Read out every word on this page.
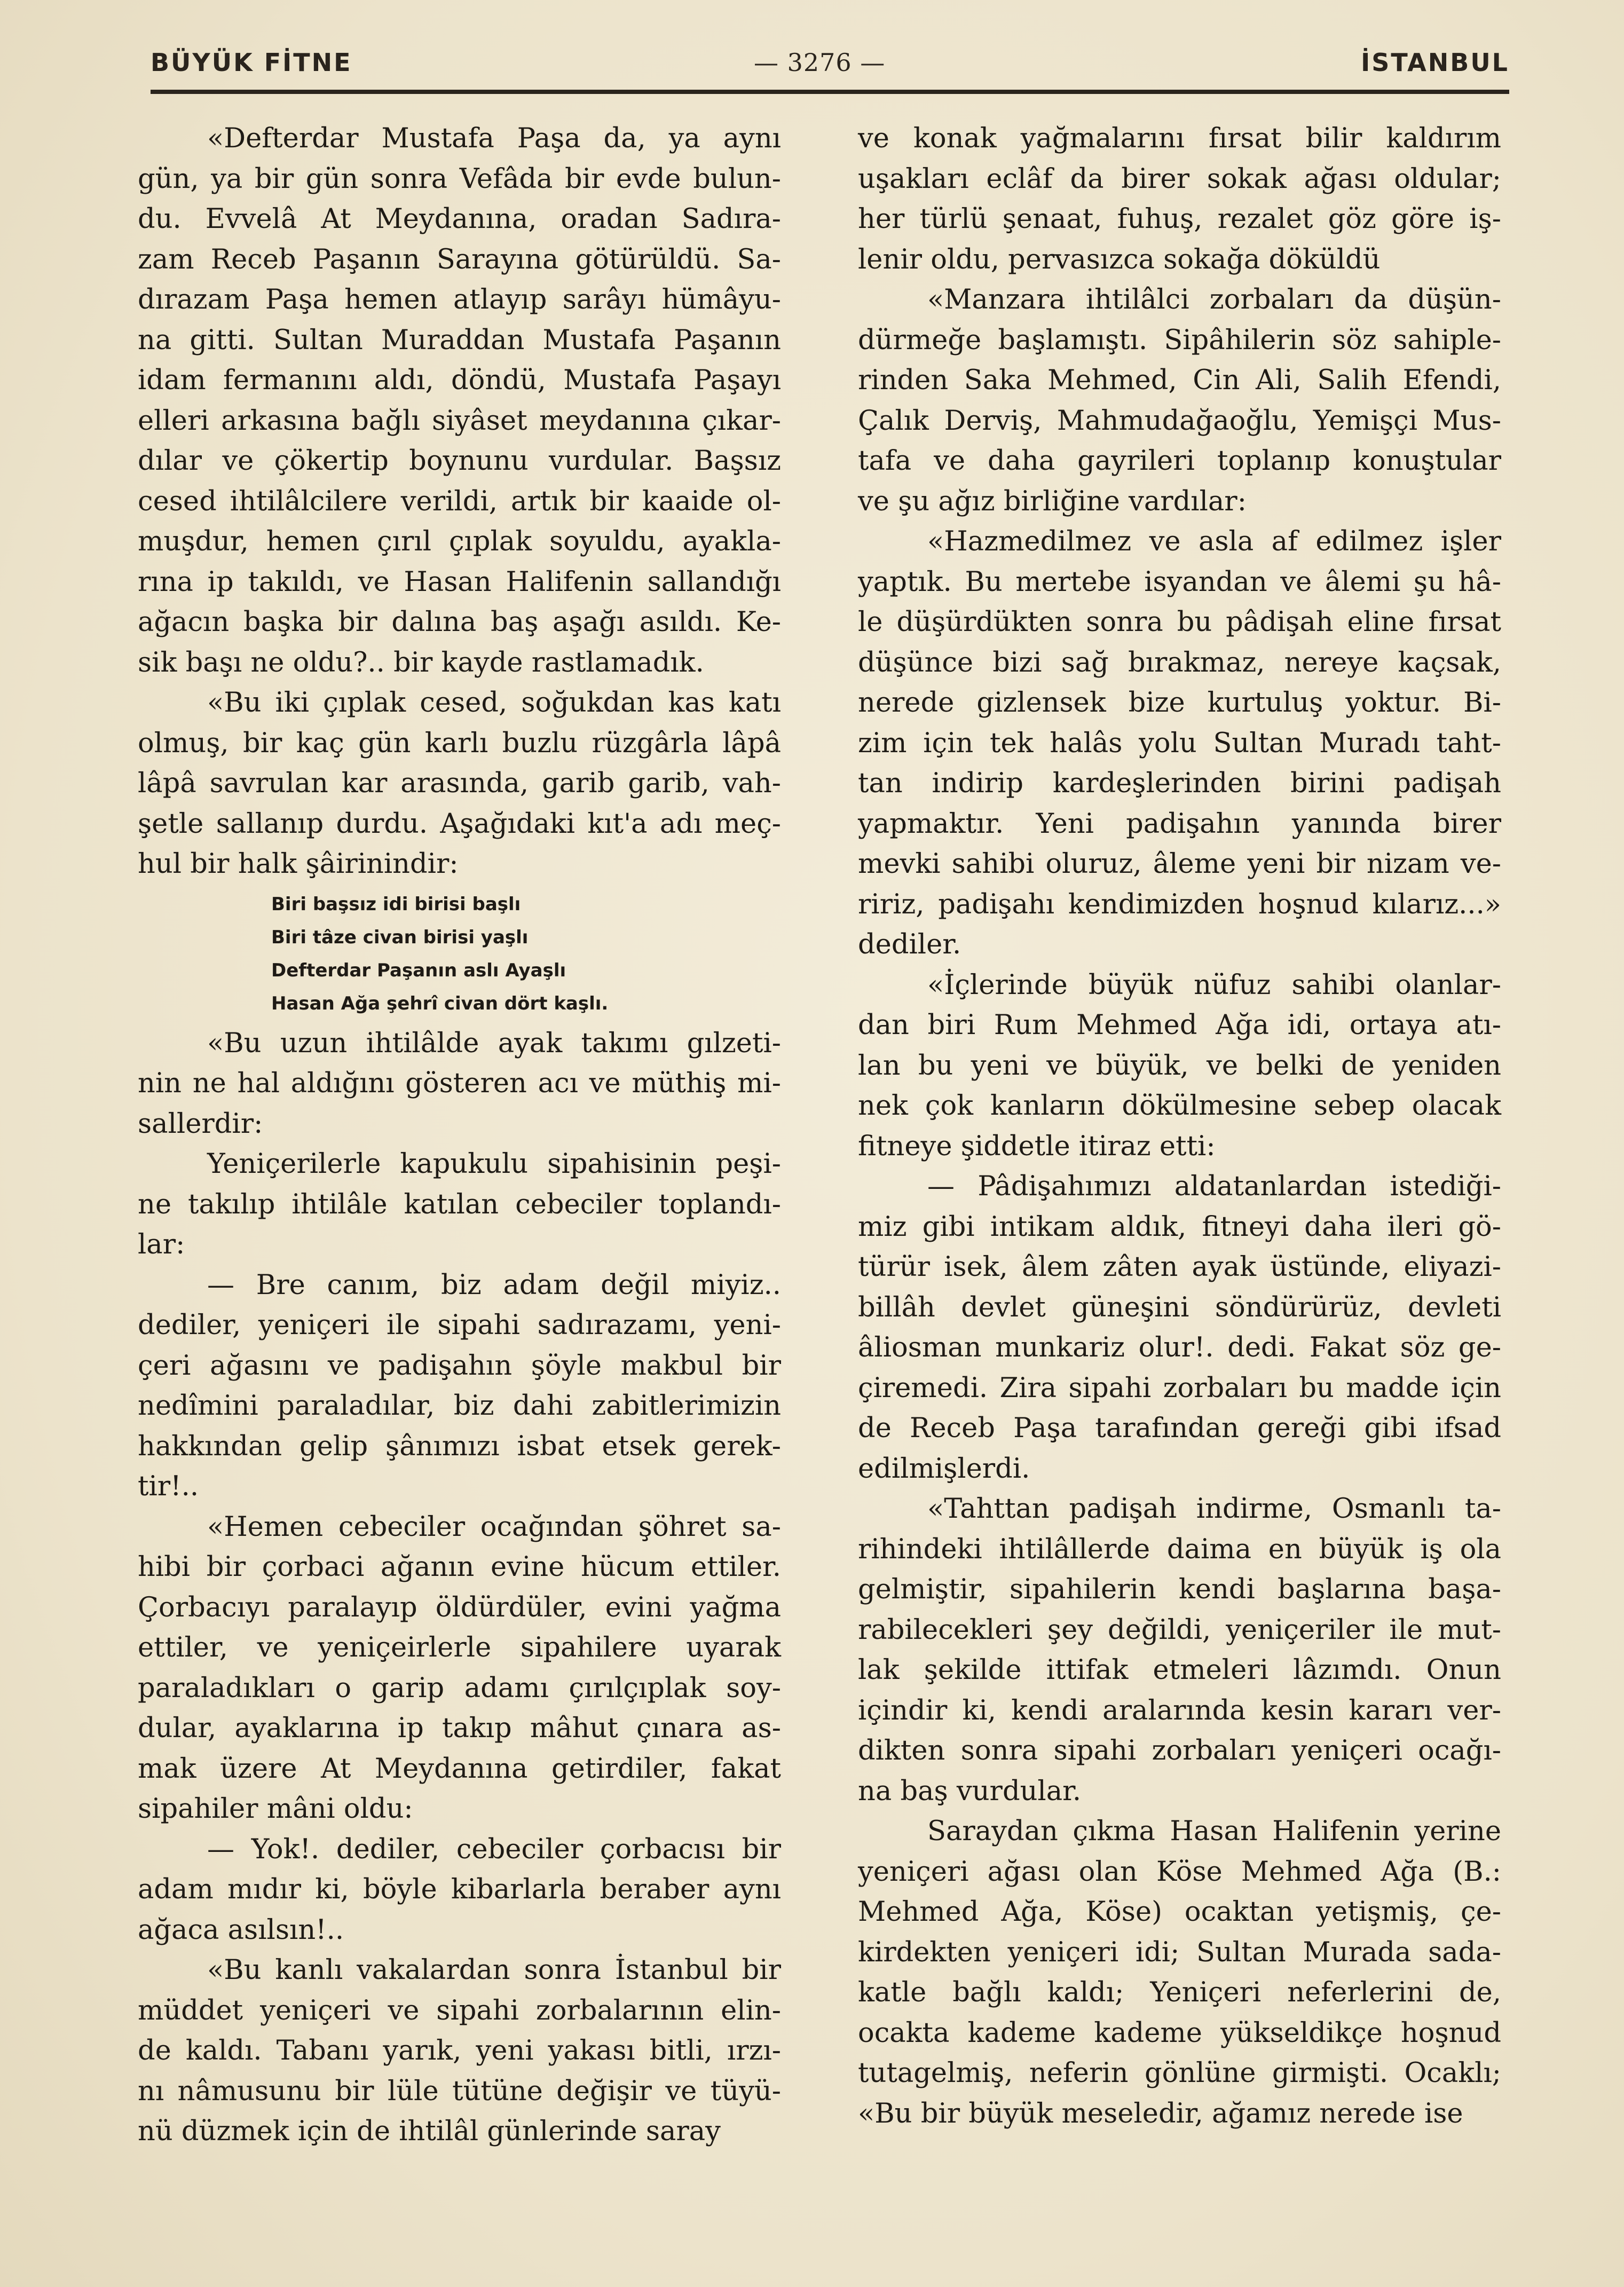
BÜYÜK FİTNE	— 3276 —	İSTANBUL
«Defterdar Mustafa Paşa da, ya aynı
gün, ya bir gün sonra Vefâda bir evde bulun-
du. Evvelâ At Meydanına, oradan Sadıra-
zam Receb Paşanın Sarayına götürüldü. Sa-
dırazam Paşa hemen atlayıp sarâyı hümâyu-
na gitti. Sultan Muraddan Mustafa Paşanın
idam fermanını aldı, döndü, Mustafa Paşayı
elleri arkasına bağlı siyâset meydanına çıkar-
dılar ve çökertip boynunu vurdular. Başsız
cesed ihtilâlcilere verildi, artık bir kaaide ol-
muşdur, hemen çırıl çıplak soyuldu, ayakla-
rına ip takıldı, ve Hasan Halifenin sallandığı
ağacın başka bir dalına baş aşağı asıldı. Ke-
sik başı ne oldu?.. bir kayde rastlamadık.
«Bu iki çıplak cesed, soğukdan kas katı
olmuş, bir kaç gün karlı buzlu rüzgârla lâpâ
lâpâ savrulan kar arasında, garib garib, vah-
şetle sallanıp durdu. Aşağıdaki kıt'a adı meç-
hul bir halk şâirinindir:
Biri başsız idi birisi başlı
Biri tâze civan birisi yaşlı
Defterdar Paşanın aslı Ayaşlı
Hasan Ağa şehrî civan dört kaşlı.
«Bu uzun ihtilâlde ayak takımı gılzeti-
nin ne hal aldığını gösteren acı ve müthiş mi-
sallerdir:
Yeniçerilerle kapukulu sipahisinin peşi-
ne takılıp ihtilâle katılan cebeciler toplandı-
lar:
— Bre canım, biz adam değil miyiz..
dediler, yeniçeri ile sipahi sadırazamı, yeni-
çeri ağasını ve padişahın şöyle makbul bir
nedîmini paraladılar, biz dahi zabitlerimizin
hakkından gelip şânımızı isbat etsek gerek-
tir!..
«Hemen cebeciler ocağından şöhret sa-
hibi bir çorbaci ağanın evine hücum ettiler.
Çorbacıyı paralayıp öldürdüler, evini yağma
ettiler, ve yeniçeirlerle sipahilere uyarak
paraladıkları o garip adamı çırılçıplak soy-
dular, ayaklarına ip takıp mâhut çınara as-
mak üzere At Meydanına getirdiler, fakat
sipahiler mâni oldu:
— Yok!. dediler, cebeciler çorbacısı bir
adam mıdır ki, böyle kibarlarla beraber aynı
ağaca asılsın!..
«Bu kanlı vakalardan sonra İstanbul bir
müddet yeniçeri ve sipahi zorbalarının elin-
de kaldı. Tabanı yarık, yeni yakası bitli, ırzı-
nı nâmusunu bir lüle tütüne değişir ve tüyü-
nü düzmek için de ihtilâl günlerinde saray
ve konak yağmalarını fırsat bilir kaldırım
uşakları eclâf da birer sokak ağası oldular;
her türlü şenaat, fuhuş, rezalet göz göre iş-
lenir oldu, pervasızca sokağa döküldü
«Manzara ihtilâlci zorbaları da düşün-
dürmeğe başlamıştı. Sipâhilerin söz sahiple-
rinden Saka Mehmed, Cin Ali, Salih Efendi,
Çalık Derviş, Mahmudağaoğlu, Yemişçi Mus-
tafa ve daha gayrileri toplanıp konuştular
ve şu ağız birliğine vardılar:
«Hazmedilmez ve asla af edilmez işler
yaptık. Bu mertebe isyandan ve âlemi şu hâ-
le düşürdükten sonra bu pâdişah eline fırsat
düşünce bizi sağ bırakmaz, nereye kaçsak,
nerede gizlensek bize kurtuluş yoktur. Bi-
zim için tek halâs yolu Sultan Muradı taht-
tan indirip kardeşlerinden birini padişah
yapmaktır. Yeni padişahın yanında birer
mevki sahibi oluruz, âleme yeni bir nizam ve-
ririz, padişahı kendimizden hoşnud kılarız...»
dediler.
«İçlerinde büyük nüfuz sahibi olanlar-
dan biri Rum Mehmed Ağa idi, ortaya atı-
lan bu yeni ve büyük, ve belki de yeniden
nek çok kanların dökülmesine sebep olacak
fitneye şiddetle itiraz etti:
— Pâdişahımızı aldatanlardan istediği-
miz gibi intikam aldık, fitneyi daha ileri gö-
türür isek, âlem zâten ayak üstünde, eliyazi-
billâh devlet güneşini söndürürüz, devleti
âliosman munkariz olur!. dedi. Fakat söz ge-
çiremedi. Zira sipahi zorbaları bu madde için
de Receb Paşa tarafından gereği gibi ifsad
edilmişlerdi.
«Tahttan padişah indirme, Osmanlı ta-
rihindeki ihtilâllerde daima en büyük iş ola
gelmiştir, sipahilerin kendi başlarına başa-
rabilecekleri şey değildi, yeniçeriler ile mut-
lak şekilde ittifak etmeleri lâzımdı. Onun
içindir ki, kendi aralarında kesin kararı ver-
dikten sonra sipahi zorbaları yeniçeri ocağı-
na baş vurdular.
Saraydan çıkma Hasan Halifenin yerine
yeniçeri ağası olan Köse Mehmed Ağa (B.:
Mehmed Ağa, Köse) ocaktan yetişmiş, çe-
kirdekten yeniçeri idi; Sultan Murada sada-
katle bağlı kaldı; Yeniçeri neferlerini de,
ocakta kademe kademe yükseldikçe hoşnud
tutagelmiş, neferin gönlüne girmişti. Ocaklı;
«Bu bir büyük meseledir, ağamız nerede ise
